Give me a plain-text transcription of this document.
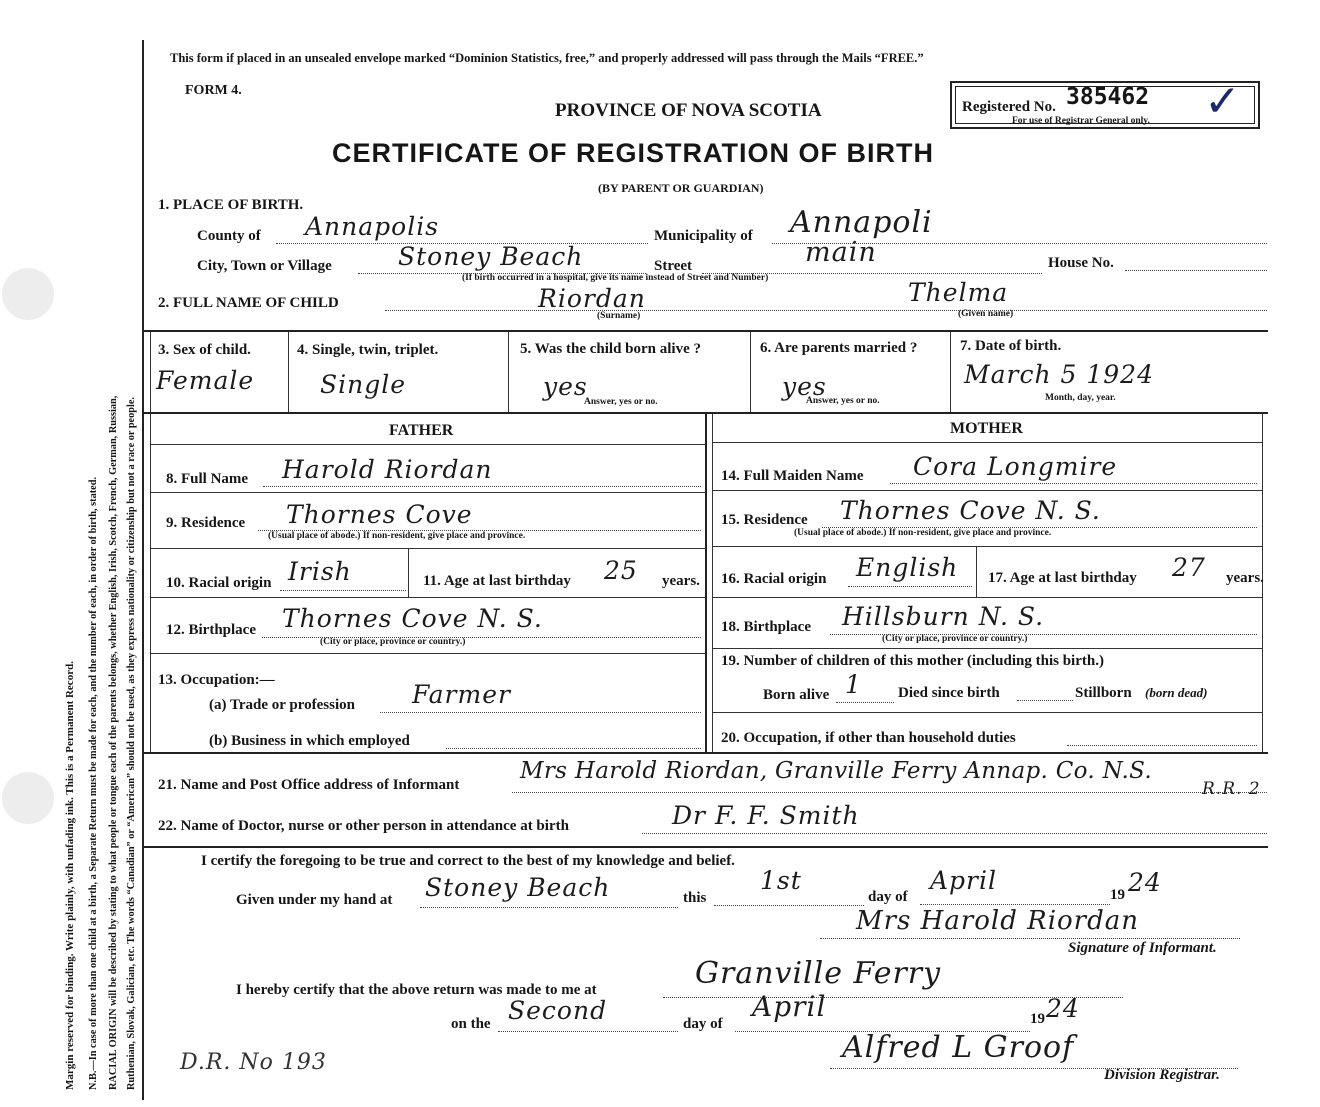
Margin reserved for binding. Write plainly, with unfading ink. This is a Permanent Record. N.B.—In case of more than one child at a birth, a Separate Return must be made for each, and the number of each, in order of birth, stated. RACIAL ORIGIN will be described by stating to what people or tongue each of the parents belongs, whether English, Irish, Scotch, French, German, Russian, Ruthenian, Slovak, Galician, etc. The words “Canadian” or “American” should not be used, as they express nationality or citizenship but not a race or people.
This form if placed in an unsealed envelope marked “Dominion Statistics, free,” and properly addressed will pass through the Mails “FREE.”
FORM 4.
PROVINCE OF NOVA SCOTIA	Registered No. 385462 ✓
For use of Registrar General only.
CERTIFICATE OF REGISTRATION OF BIRTH
(BY PARENT OR GUARDIAN)
1. PLACE OF BIRTH.
County of Annapolis	Municipality of Annapoli
City, Town or Village	Stoney Beach	Street	main	House No.
(If birth occurred in a hospital, give its name instead of Street and Number)
2. FULL NAME OF CHILD	Riordan
(Surname)
Thelma
(Given name)
3. Sex of child.
Female
4. Single, twin, triplet.
Single
5. Was the child born alive ?
yes
Answer, yes or no.
6. Are parents married ?
yes
Answer, yes or no.
7. Date of birth.
March 5 1924
Month, day, year.
FATHER	MOTHER
8. Full Name Harold Riordan
9. Residence Thornes Cove
(Usual place of abode.) If non-resident, give place and province.
10. Racial origin Irish	11. Age at last birthday 25 years.
12. Birthplace Thornes Cove N. S.
(City or place, province or country.)
13. Occupation:—
(a) Trade or profession Farmer
(b) Business in which employed
14. Full Maiden Name Cora Longmire
15. Residence Thornes Cove N. S.
(Usual place of abode.) If non-resident, give place and province.
16. Racial origin English 17. Age at last birthday 27 years.
18. Birthplace Hillsburn N. S.
(City or place, province or country.)
19. Number of children of this mother (including this birth.)
Born alive 1 Died since birth	Stillborn (born dead)
20. Occupation, if other than household duties
21. Name and Post Office address of Informant
Mrs Harold Riordan, Granville Ferry Annap. Co. N.S.
R.R. 2
22. Name of Doctor, nurse or other person in attendance at birth	Dr F. F. Smith
I certify the foregoing to be true and correct to the best of my knowledge and belief.
Given under my hand at Stoney Beach	this
1st
day of
April	19 24
Mrs Harold Riordan
Signature of Informant.
I hereby certify that the above return was made to me at	Granville Ferry
on the Second	day of
April	19 24
Alfred L Groof
Division Registrar.
D.R. No 193
